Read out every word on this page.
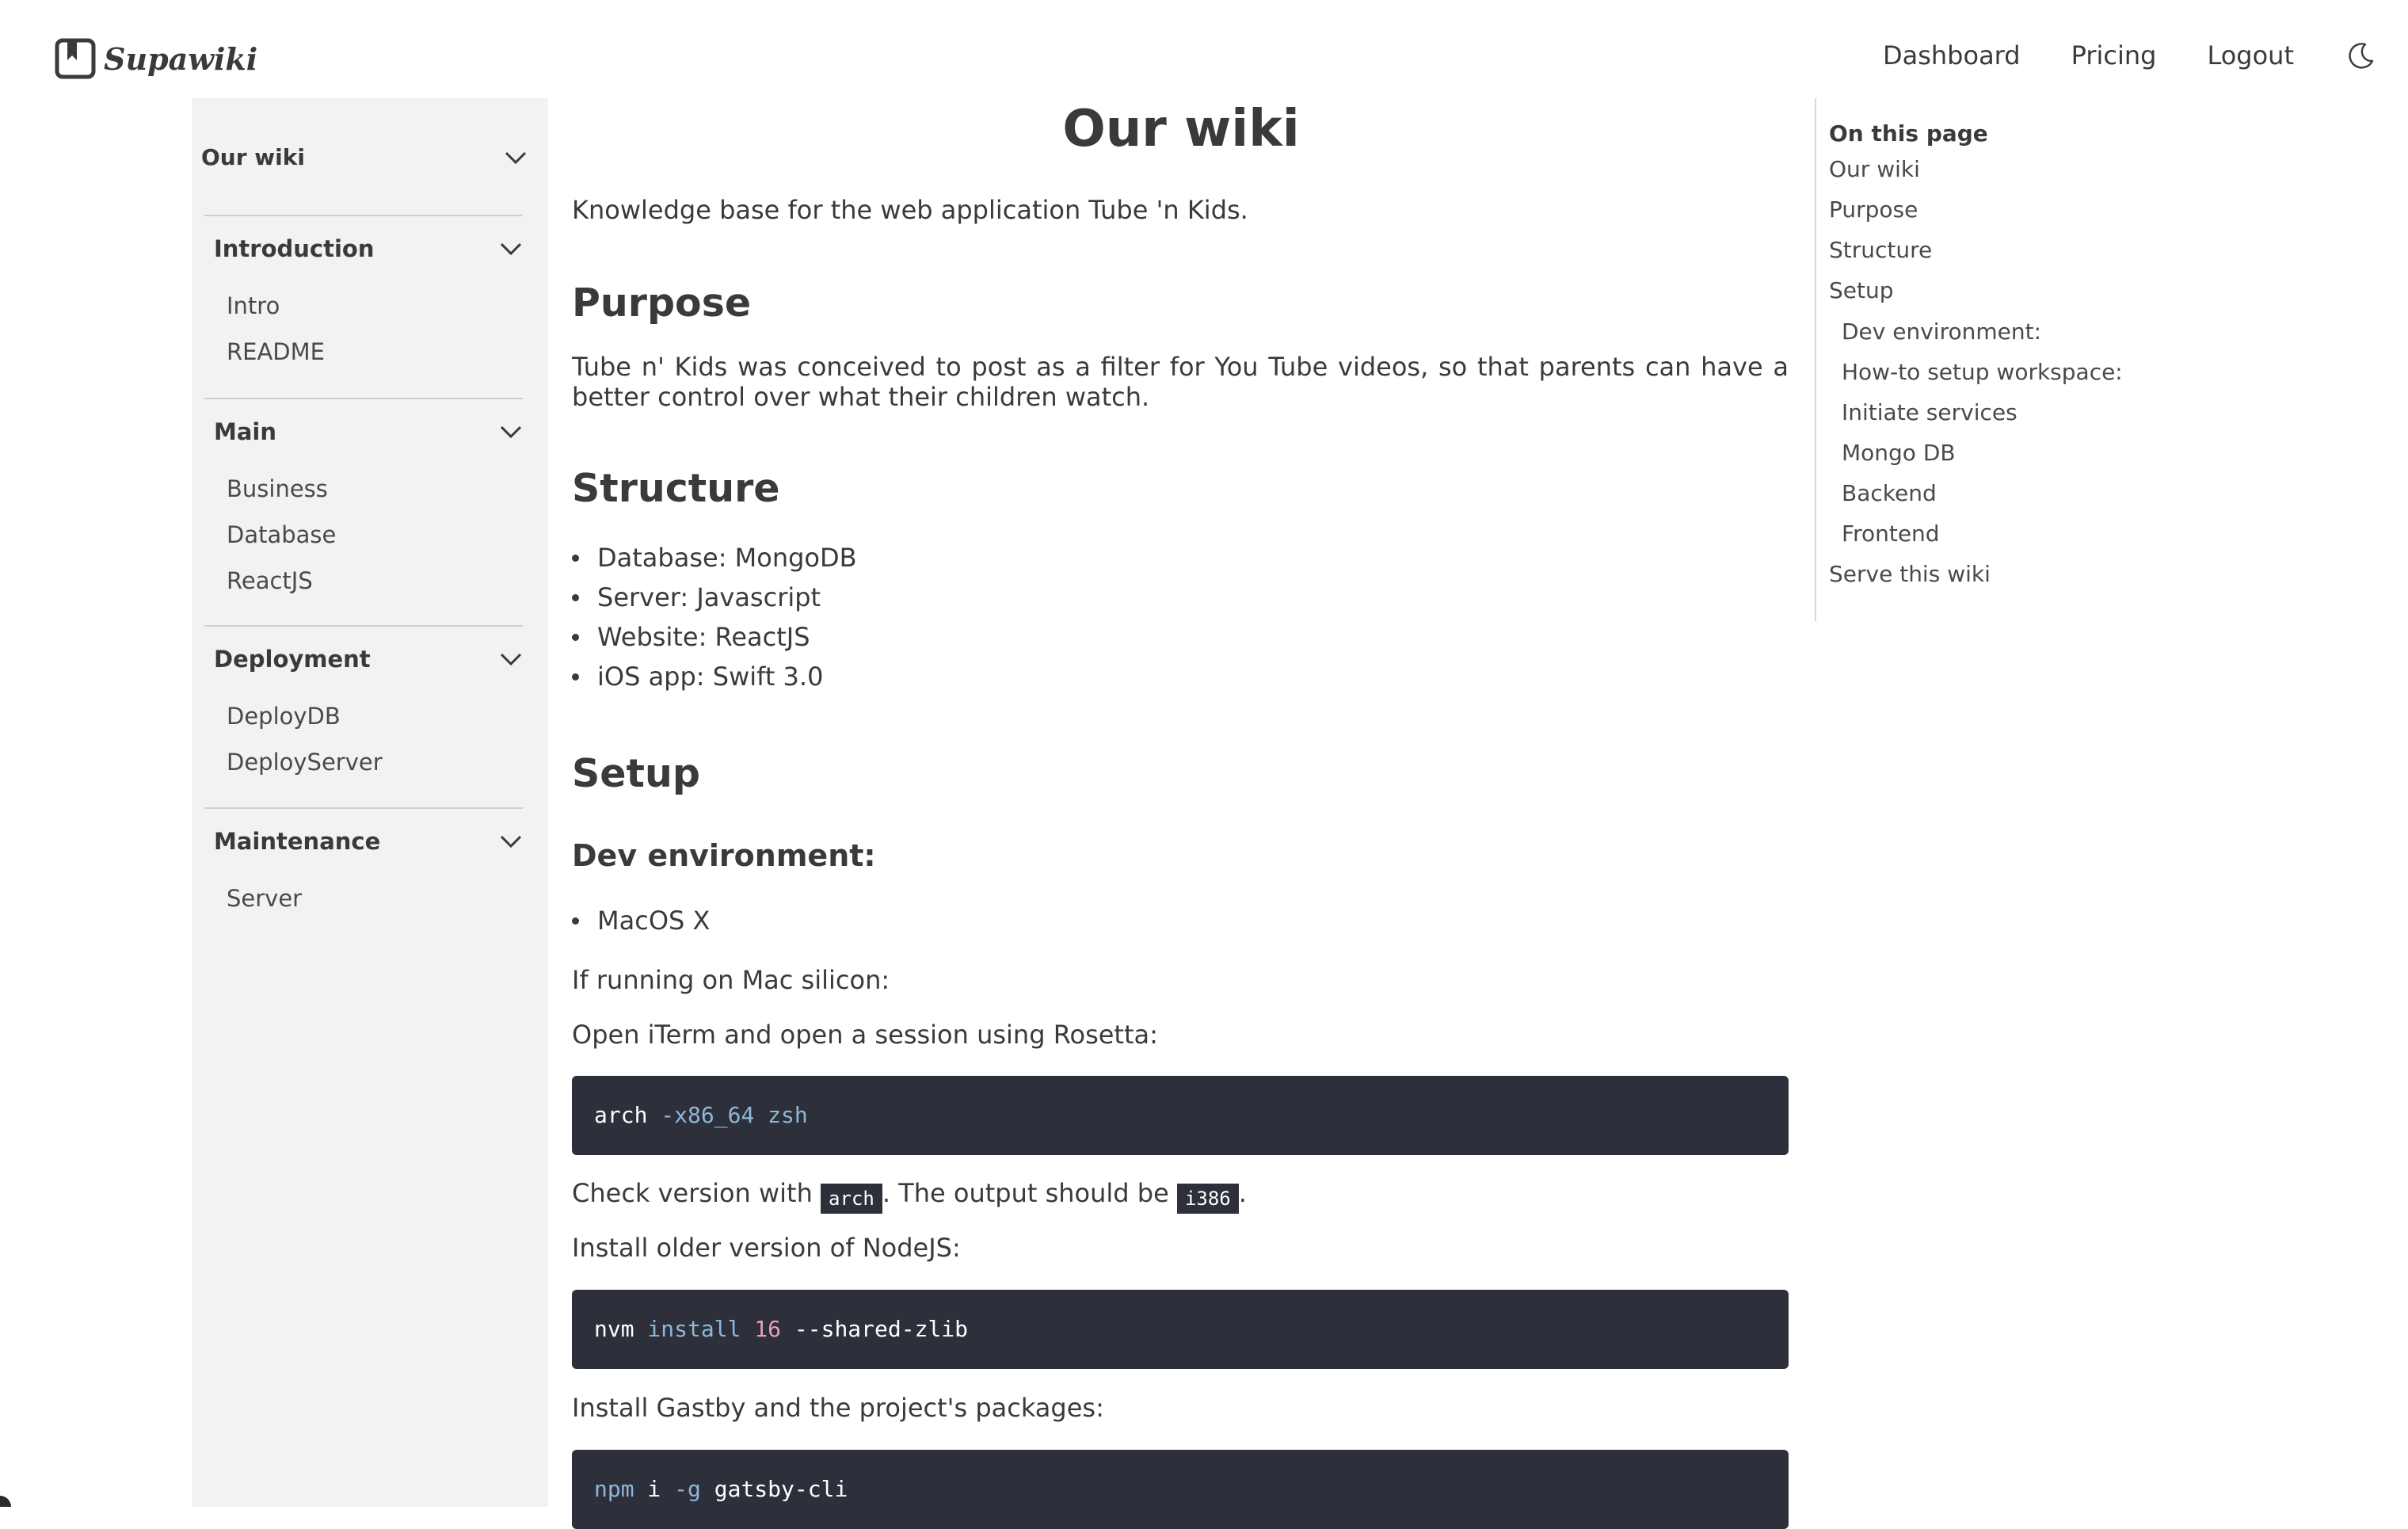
Supawiki	Dashboard Pricing Logout
Our wiki
Introduction
Intro
README
Main
Business
Database
ReactJS
Deployment
DeployDB
DeployServer
Maintenance
Server
Our wiki

Knowledge base for the web application Tube 'n Kids.

Purpose

Tube n' Kids was conceived to post as a filter for You Tube videos, so that parents can have a better control over what their children watch.

Structure
Database: MongoDB
Server: Javascript
Website: ReactJS
iOS app: Swift 3.0
Setup
Dev environment:
MacOS X

If running on Mac silicon:

Open iTerm and open a session using Rosetta:

arch -x86_64 zsh

Check version with arch . The output should be i386 .

Install older version of NodeJS:

nvm install 16 --shared-zlib

Install Gastby and the project's packages:

npm i -g gatsby-cli
On this page
Our wiki
Purpose
Structure
Setup
Dev environment:
How-to setup workspace:
Initiate services
Mongo DB
Backend
Frontend
Serve this wiki
